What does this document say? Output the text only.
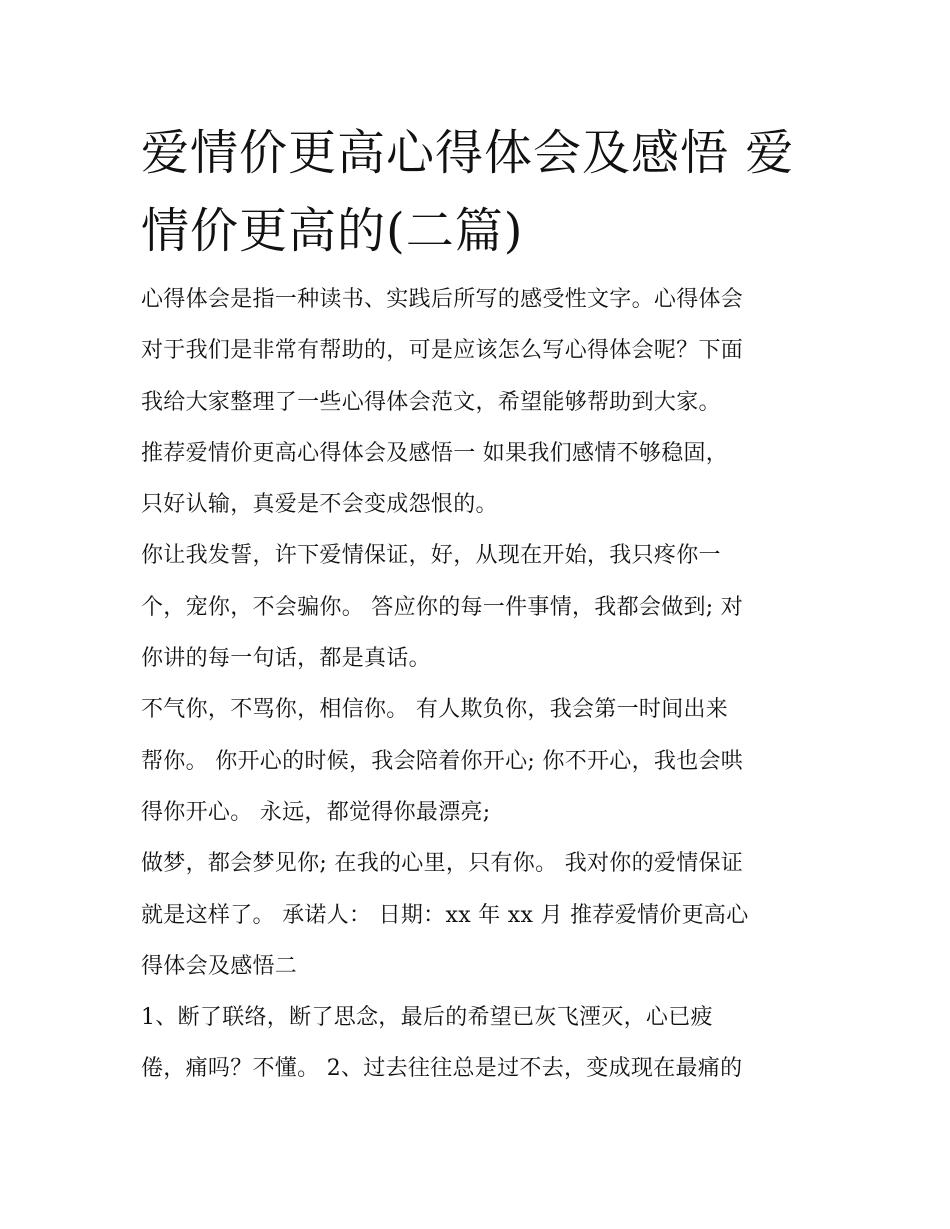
爱情价更高心得体会及感悟 爱
情价更高的(二篇)
心得体会是指一种读书、实践后所写的感受性文字。心得体会
对于我们是非常有帮助的，可是应该怎么写心得体会呢？下面
我给大家整理了一些心得体会范文，希望能够帮助到大家。
推荐爱情价更高心得体会及感悟一 如果我们感情不够稳固，
只好认输，真爱是不会变成怨恨的。
你让我发誓，许下爱情保证，好，从现在开始，我只疼你一
个，宠你，不会骗你。 答应你的每一件事情，我都会做到; 对
你讲的每一句话，都是真话。
不气你，不骂你，相信你。 有人欺负你，我会第一时间出来
帮你。 你开心的时候，我会陪着你开心; 你不开心，我也会哄
得你开心。 永远，都觉得你最漂亮;
做梦，都会梦见你; 在我的心里，只有你。 我对你的爱情保证
就是这样了。 承诺人： 日期：xx 年 xx 月 推荐爱情价更高心
得体会及感悟二
1、断了联络，断了思念，最后的希望已灰飞湮灭，心已疲
倦，痛吗？不懂。 2、过去往往总是过不去，变成现在最痛的
